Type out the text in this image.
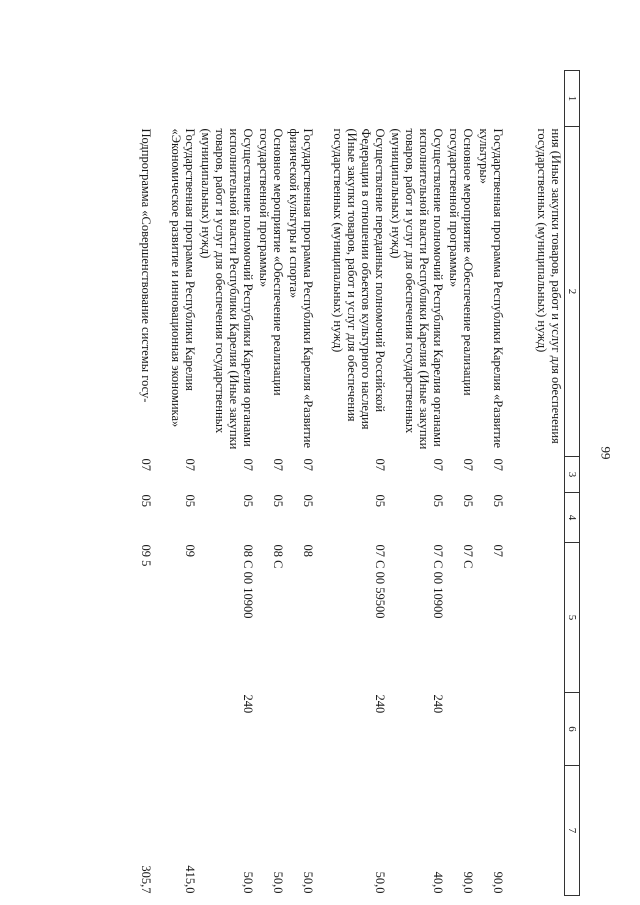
99
1	2	3	4	5	6	7
	ния (Иные закупки товаров, работ и услуг для обеспечения государственных (муниципальных) нужд)					
	Государственная программа Республики Карелия «Развитие культуры»	07	05	07		90,0
	Основное мероприятие «Обеспечение реализации государственной программы»	07	05	07 С		90,0
	Осуществление полномочий Республики Карелия органами исполнительной власти Республики Карелия (Иные закупки товаров, работ и услуг для обеспечения государственных (муниципальных) нужд)	07	05	07 С 00 10900	240	40,0
	Осуществление переданных полномочий Российской Федерации в отношении объектов культурного наследия (Иные закупки товаров, работ и услуг для обеспечения государственных (муниципальных) нужд)	07	05	07 С 00 59500	240	50,0
	Государственная программа Республики Карелия «Развитие физической культуры и спорта»	07	05	08		50,0
	Основное мероприятие «Обеспечение реализации государственной программы»	07	05	08 С		50,0
	Осуществление полномочий Республики Карелия органами исполнительной власти Республики Карелия (Иные закупки товаров, работ и услуг для обеспечения государственных (муниципальных) нужд)	07	05	08 С 00 10900	240	50,0
	Государственная программа Республики Карелия «Экономическое развитие и инновационная экономика»	07	05	09		415,0
	Подпрограмма «Совершенствование системы госу-	07	05	09 5		305,7
